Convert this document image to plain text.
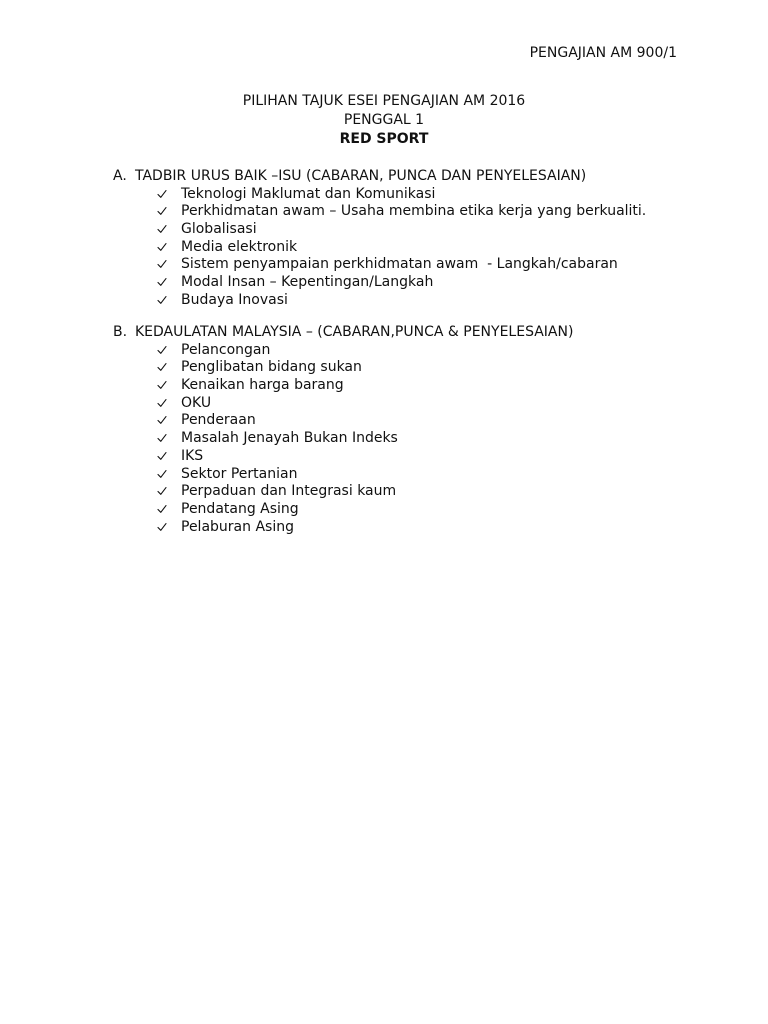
PENGAJIAN AM 900/1
PILIHAN TAJUK ESEI PENGAJIAN AM 2016
PENGGAL 1
RED SPORT
A. TADBIR URUS BAIK –ISU (CABARAN, PUNCA DAN PENYELESAIAN)
Teknologi Maklumat dan Komunikasi
Perkhidmatan awam – Usaha membina etika kerja yang berkualiti.
Globalisasi
Media elektronik
Sistem penyampaian perkhidmatan awam  - Langkah/cabaran
Modal Insan – Kepentingan/Langkah
Budaya Inovasi
B. KEDAULATAN MALAYSIA – (CABARAN,PUNCA & PENYELESAIAN)
Pelancongan
Penglibatan bidang sukan
Kenaikan harga barang
OKU
Penderaan
Masalah Jenayah Bukan Indeks
IKS
Sektor Pertanian
Perpaduan dan Integrasi kaum
Pendatang Asing
Pelaburan Asing
